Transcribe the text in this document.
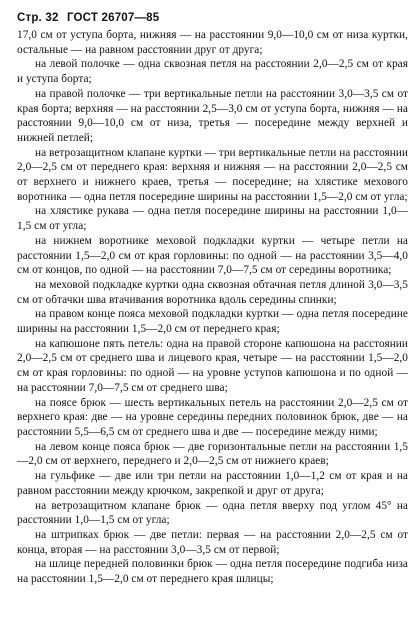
Стр. 32 ГОСТ 26707—85

17,0 см от уступа борта, нижняя — на расстоянии 9,0—10,0 см от низа куртки, остальные — на равном расстоянии друг от друга;

на левой полочке — одна сквозная петля на расстоянии 2,0—2,5 см от края и уступа борта;

на правой полочке — три вертикальные петли на расстоянии 3,0—3,5 см от края борта; верхняя — на расстоянии 2,5—3,0 см от уступа борта, нижняя — на расстоянии 9,0—10,0 см от низа, третья — посередине между верхней и нижней петлей;

на ветрозащитном клапане куртки — три вертикальные петли на расстоянии 2,0—2,5 см от переднего края: верхняя и нижняя — на расстоянии 2,0—2,5 см от верхнего и нижнего краев, третья — посередине; на хлястике мехового воротника — одна петля посередине ширины на расстоянии 1,5—2,0 см от угла;

на хлястике рукава — одна петля посередине ширины на расстоянии 1,0—1,5 см от угла;

на нижнем воротнике меховой подкладки куртки — четыре петли на расстоянии 1,5—2,0 см от края горловины: по одной — на расстоянии 3,5—4,0 см от концов, по одной — на расстоянии 7,0—7,5 см от середины воротника;

на меховой подкладке куртки одна сквозная обтачная петля длиной 3,0—3,5 см от обтачки шва втачивания воротника вдоль середины спинки;

на правом конце пояса меховой подкладки куртки — одна петля посередине ширины на расстоянии 1,5—2,0 см от переднего края;

на капюшоне пять петель: одна на правой стороне капюшона на расстоянии 2,0—2,5 см от среднего шва и лицевого края, четыре — на расстоянии 1,5—2,0 см от края горловины: по одной — на уровне уступов капюшона и по одной — на расстоянии 7,0—7,5 см от среднего шва;

на поясе брюк — шесть вертикальных петель на расстоянии 2,0—2,5 см от верхнего края: две — на уровне середины передних половинок брюк, две — на расстоянии 5,5—6,5 см от среднего шва и две — посередине между ними;

на левом конце пояса брюк — две горизонтальные петли на расстоянии 1,5—2,0 см от верхнего, переднего и 2,0—2,5 см от нижнего краев;

на гульфике — две или три петли на расстоянии 1,0—1,2 см от края и на равном расстоянии между крючком, закрепкой и друг от друга;

на ветрозащитном клапане брюк — одна петля вверху под углом 45° на расстоянии 1,0—1,5 см от угла;

на штрипках брюк — две петли: первая — на расстоянии 2,0—2,5 см от конца, вторая — на расстоянии 3,0—3,5 см от первой;

на шлице передней половинки брюк — одна петля посередине подгиба низа на расстоянии 1,5—2,0 см от переднего края шлицы;
